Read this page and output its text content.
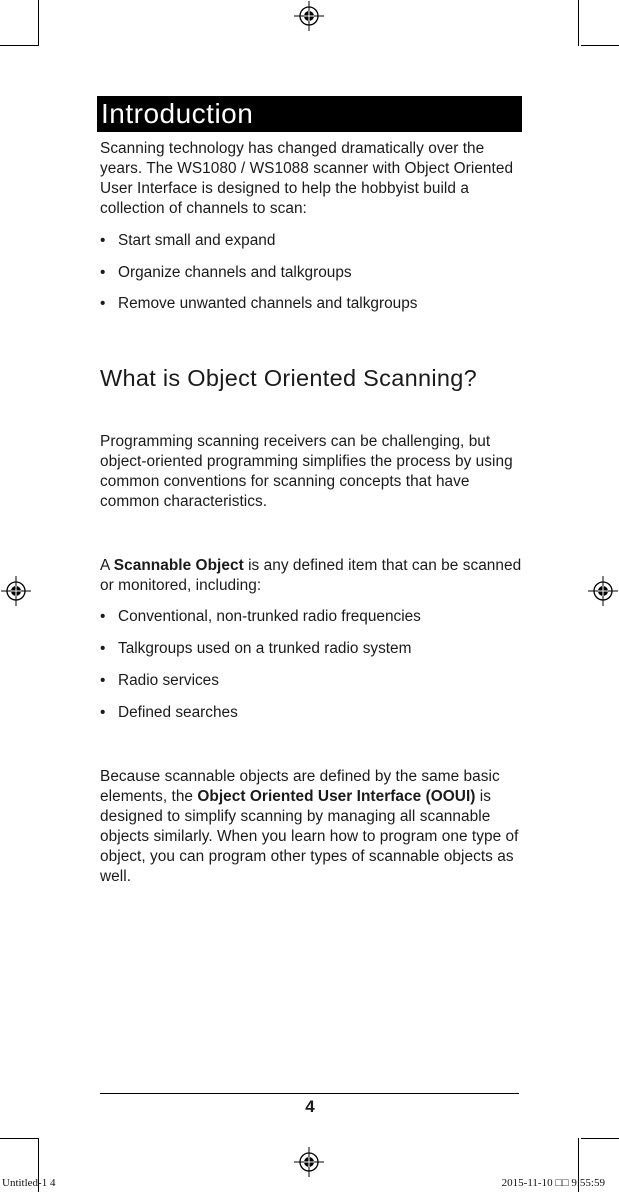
Introduction

Scanning technology has changed dramatically over the years. The WS1080 / WS1088 scanner with Object Oriented User Interface is designed to help the hobbyist build a collection of channels to scan:

• Start small and expand
• Organize channels and talkgroups
• Remove unwanted channels and talkgroups
What is Object Oriented Scanning?

Programming scanning receivers can be challenging, but object-oriented programming simplifies the process by using common conventions for scanning concepts that have common characteristics.

A Scannable Object is any defined item that can be scanned or monitored, including:

• Conventional, non-trunked radio frequencies
• Talkgroups used on a trunked radio system
• Radio services
• Defined searches

Because scannable objects are defined by the same basic elements, the Object Oriented User Interface (OOUI) is designed to simplify scanning by managing all scannable objects similarly. When you learn how to program one type of object, you can program other types of scannable objects as well.

4
Untitled-1 4	2015-11-10 □□ 9:55:59
